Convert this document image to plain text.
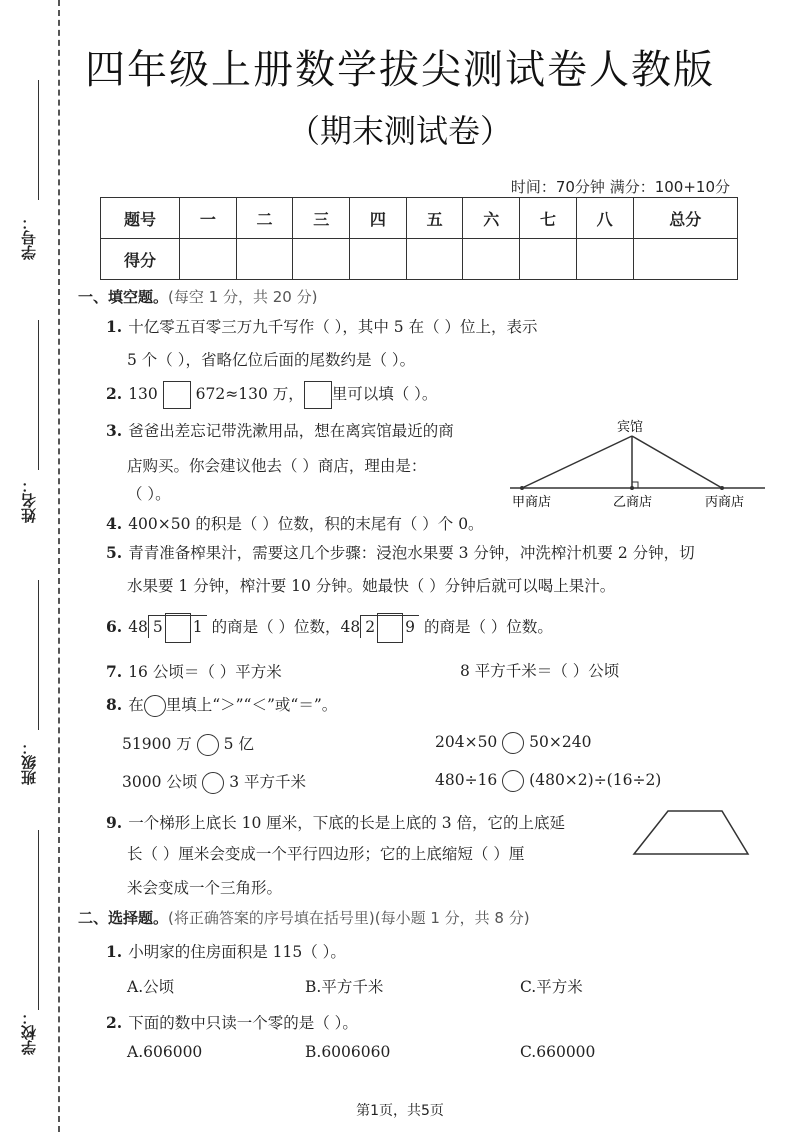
学号：
姓名：
班级：
学校：
四年级上册数学拔尖测试卷人教版
（期末测试卷）
时间：70分钟 满分：100+10分
题号	一	二	三	四	五	六	七	八	总分
得分									
一、填空题。(每空 1 分，共 20 分)
1. 十亿零五百零三万九千写作（ ），其中 5 在（ ）位上，表示
5 个（ ），省略亿位后面的尾数约是（ ）。
2. 130 672≈130 万， 里可以填（ ）。
3. 爸爸出差忘记带洗漱用品，想在离宾馆最近的商
店购买。你会建议他去（ ）商店，理由是：
（ ）。
宾馆
甲商店	乙商店	丙商店
4. 400×50 的积是（ ）位数，积的末尾有（ ）个 0。
5. 青青准备榨果汁，需要这几个步骤：浸泡水果要 3 分钟，冲洗榨汁机要 2 分钟，切
水果要 1 分钟，榨汁要 10 分钟。她最快（ ）分钟后就可以喝上果汁。
6. 48 5 1 的商是（ ）位数，48 2 9 的商是（ ）位数。
7. 16 公顷＝（ ）平方米	8 平方千米＝（ ）公顷
8. 在 里填上“＞”“＜”或“＝”。
51900 万 5 亿	204×50 50×240
3000 公顷 3 平方千米	480÷16 (480×2)÷(16÷2)
9. 一个梯形上底长 10 厘米，下底的长是上底的 3 倍，它的上底延
长（ ）厘米会变成一个平行四边形；它的上底缩短（ ）厘
米会变成一个三角形。
二、选择题。(将正确答案的序号填在括号里)(每小题 1 分，共 8 分)
1. 小明家的住房面积是 115（ ）。
A.公顷	B.平方千米	C.平方米
2. 下面的数中只读一个零的是（ ）。
A.606000	B.6006060	C.660000
第1页，共5页
